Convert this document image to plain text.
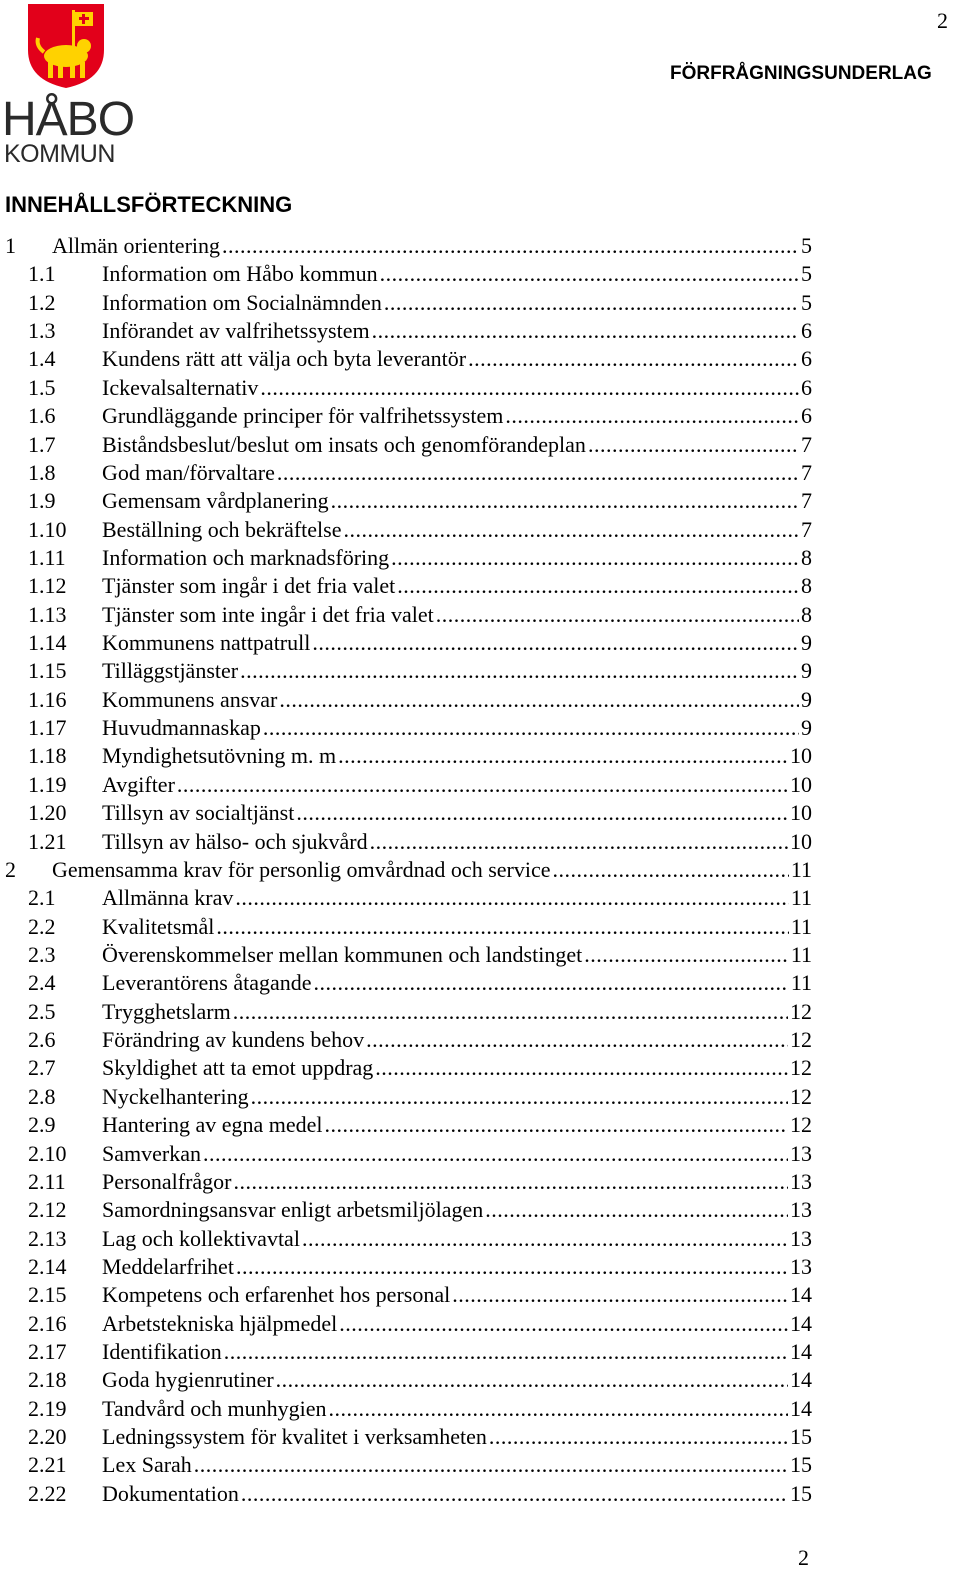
2
FÖRFRÅGNINGSUNDERLAG
HÅBO
KOMMUN
INNEHÅLLSFÖRTECKNING
1 Allmän orientering .....	5
1.1 Information om Håbo kommun .....	5
1.2 Information om Socialnämnden .....	5
1.3 Införandet av valfrihetssystem .....	6
1.4 Kundens rätt att välja och byta leverantör .....	6
1.5 Ickevalsalternativ .....	6
1.6 Grundläggande principer för valfrihetssystem .....	6
1.7 Biståndsbeslut/beslut om insats och genomförandeplan .....	7
1.8 God man/förvaltare .....	7
1.9 Gemensam vårdplanering .....	7
1.10 Beställning och bekräftelse .....	7
1.11 Information och marknadsföring .....	8
1.12 Tjänster som ingår i det fria valet .....	8
1.13 Tjänster som inte ingår i det fria valet .....	8
1.14 Kommunens nattpatrull .....	9
1.15 Tilläggstjänster .....	9
1.16 Kommunens ansvar .....	9
1.17 Huvudmannaskap .....	9
1.18 Myndighetsutövning m. m .....	10
1.19 Avgifter .....	10
1.20 Tillsyn av socialtjänst .....	10
1.21 Tillsyn av hälso- och sjukvård .....	10
2 Gemensamma krav för personlig omvårdnad och service .....	11
2.1 Allmänna krav .....	11
2.2 Kvalitetsmål .....	11
2.3 Överenskommelser mellan kommunen och landstinget .....	11
2.4 Leverantörens åtagande .....	11
2.5 Trygghetslarm .....	12
2.6 Förändring av kundens behov .....	12
2.7 Skyldighet att ta emot uppdrag .....	12
2.8 Nyckelhantering .....	12
2.9 Hantering av egna medel .....	12
2.10 Samverkan .....	13
2.11 Personalfrågor .....	13
2.12 Samordningsansvar enligt arbetsmiljölagen .....	13
2.13 Lag och kollektivavtal .....	13
2.14 Meddelarfrihet .....	13
2.15 Kompetens och erfarenhet hos personal .....	14
2.16 Arbetstekniska hjälpmedel .....	14
2.17 Identifikation .....	14
2.18 Goda hygienrutiner .....	14
2.19 Tandvård och munhygien .....	14
2.20 Ledningssystem för kvalitet i verksamheten .....	15
2.21 Lex Sarah .....	15
2.22 Dokumentation .....	15
2
